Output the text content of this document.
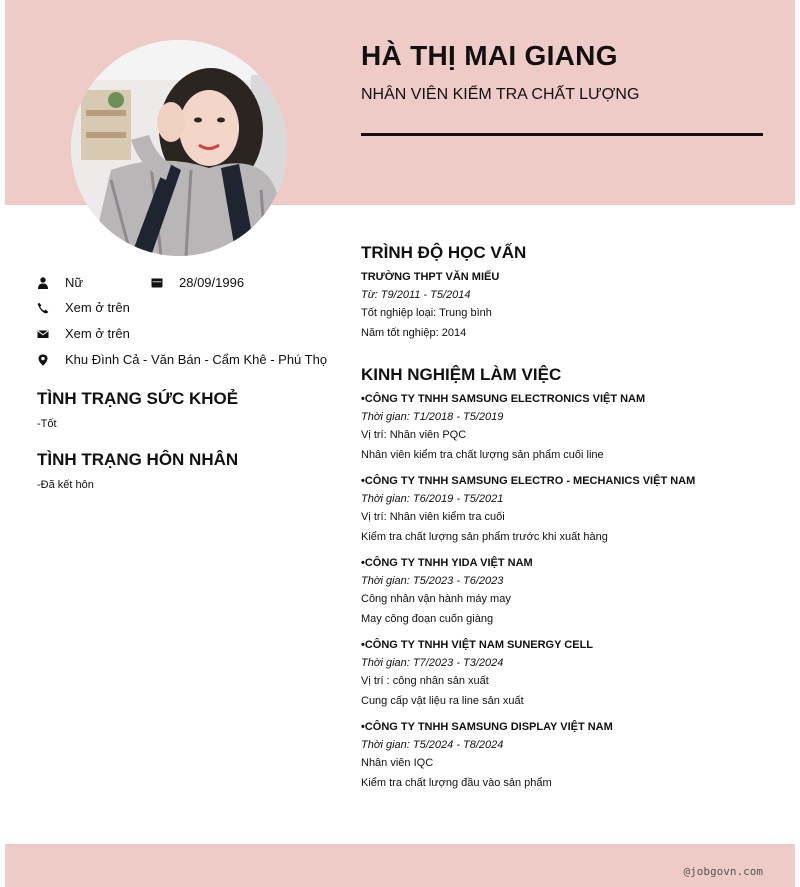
HÀ THỊ MAI GIANG
NHÂN VIÊN KIỂM TRA CHẤT LƯỢNG
Nữ	28/09/1996
Xem ở trên
Xem ở trên
Khu Đình Cả - Văn Bán - Cẩm Khê - Phú Thọ
TÌNH TRẠNG SỨC KHOẺ
-Tốt
TÌNH TRẠNG HÔN NHÂN
-Đã kết hôn
TRÌNH ĐỘ HỌC VẤN
TRƯỜNG THPT VĂN MIẾU
Từ: T9/2011 - T5/2014
Tốt nghiệp loại: Trung bình
Năm tốt nghiệp: 2014
KINH NGHIỆM LÀM VIỆC
•CÔNG TY TNHH SAMSUNG ELECTRONICS VIỆT NAM
Thời gian: T1/2018 - T5/2019
Vị trí: Nhân viên PQC
Nhân viên kiểm tra chất lượng sản phẩm cuối line
•CÔNG TY TNHH SAMSUNG ELECTRO - MECHANICS VIỆT NAM
Thời gian: T6/2019 - T5/2021
Vị trí: Nhân viên kiểm tra cuối
Kiểm tra chất lượng sản phẩm trước khi xuất hàng
•CÔNG TY TNHH YIDA VIỆT NAM
Thời gian: T5/2023 - T6/2023
Công nhân vận hành máy may
May công đoạn cuốn giàng
•CÔNG TY TNHH VIỆT NAM SUNERGY CELL
Thời gian: T7/2023 - T3/2024
Vị trí : công nhân sản xuất
Cung cấp vật liệu ra line sản xuất
•CÔNG TY TNHH SAMSUNG DISPLAY VIỆT NAM
Thời gian: T5/2024 - T8/2024
Nhân viên IQC
Kiểm tra chất lượng đầu vào sản phẩm
@jobgovn.com
